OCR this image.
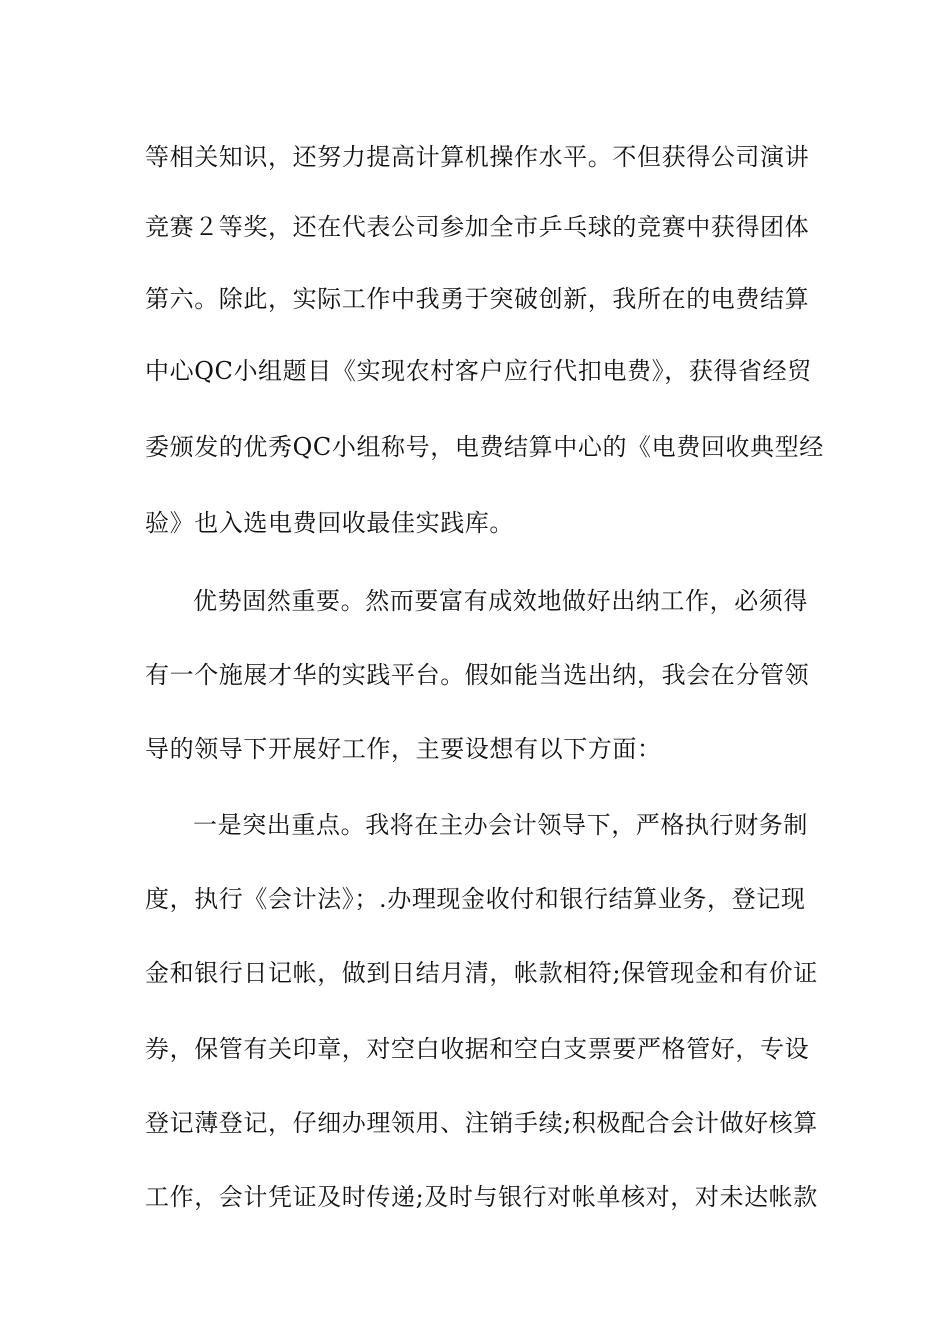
等相关知识，还努力提高计算机操作水平。不但获得公司演讲
竞赛２等奖，还在代表公司参加全市乒乓球的竞赛中获得团体
第六。除此，实际工作中我勇于突破创新，我所在的电费结算
中心QC小组题目《实现农村客户应行代扣电费》，获得省经贸
委颁发的优秀QC小组称号，电费结算中心的《电费回收典型经
验》也入选电费回收最佳实践库。
优势固然重要。然而要富有成效地做好出纳工作，必须得
有一个施展才华的实践平台。假如能当选出纳，我会在分管领
导的领导下开展好工作，主要设想有以下方面：
一是突出重点。我将在主办会计领导下，严格执行财务制
度，执行《会计法》；.办理现金收付和银行结算业务，登记现
金和银行日记帐，做到日结月清，帐款相符;保管现金和有价证
券，保管有关印章，对空白收据和空白支票要严格管好，专设
登记薄登记，仔细办理领用、注销手续;积极配合会计做好核算
工作，会计凭证及时传递;及时与银行对帐单核对，对未达帐款
